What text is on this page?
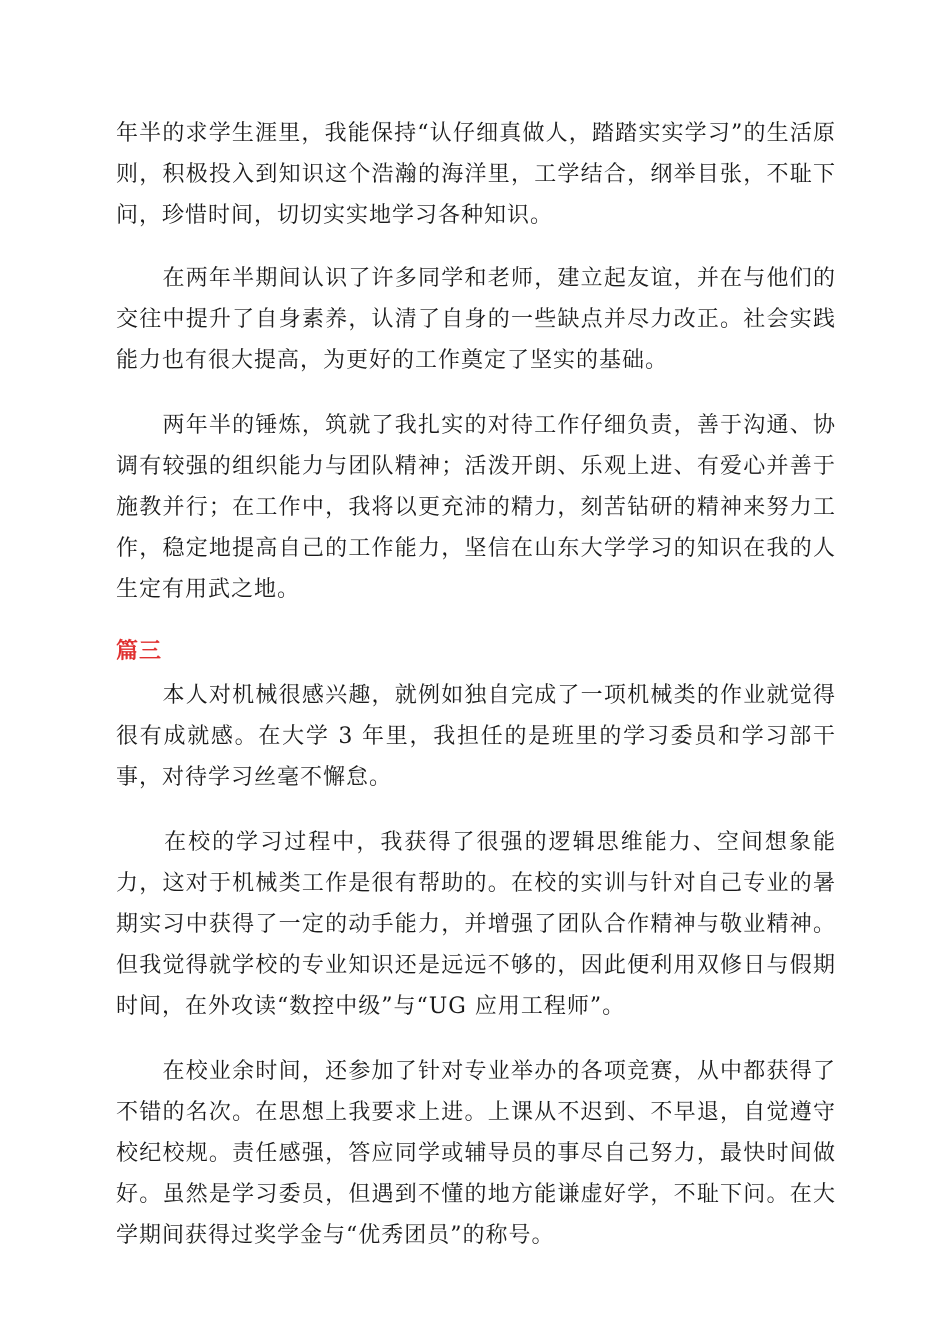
年半的求学生涯里，我能保持“认仔细真做人，踏踏实实学习”的生活原则，积极投入到知识这个浩瀚的海洋里，工学结合，纲举目张，不耻下问，珍惜时间，切切实实地学习各种知识。

　　在两年半期间认识了许多同学和老师，建立起友谊，并在与他们的交往中提升了自身素养，认清了自身的一些缺点并尽力改正。社会实践能力也有很大提高，为更好的工作奠定了坚实的基础。

　　两年半的锤炼，筑就了我扎实的对待工作仔细负责，善于沟通、协调有较强的组织能力与团队精神；活泼开朗、乐观上进、有爱心并善于施教并行；在工作中，我将以更充沛的精力，刻苦钻研的精神来努力工作，稳定地提高自己的工作能力，坚信在山东大学学习的知识在我的人生定有用武之地。

篇三

　　本人对机械很感兴趣，就例如独自完成了一项机械类的作业就觉得很有成就感。在大学 3 年里，我担任的是班里的学习委员和学习部干事，对待学习丝毫不懈怠。

　　在校的学习过程中，我获得了很强的逻辑思维能力、空间想象能力，这对于机械类工作是很有帮助的。在校的实训与针对自己专业的暑期实习中获得了一定的动手能力，并增强了团队合作精神与敬业精神。但我觉得就学校的专业知识还是远远不够的，因此便利用双修日与假期时间，在外攻读“数控中级”与“UG 应用工程师”。

　　在校业余时间，还参加了针对专业举办的各项竞赛，从中都获得了不错的名次。在思想上我要求上进。上课从不迟到、不早退，自觉遵守校纪校规。责任感强，答应同学或辅导员的事尽自己努力，最快时间做好。虽然是学习委员，但遇到不懂的地方能谦虚好学，不耻下问。在大学期间获得过奖学金与“优秀团员”的称号。
